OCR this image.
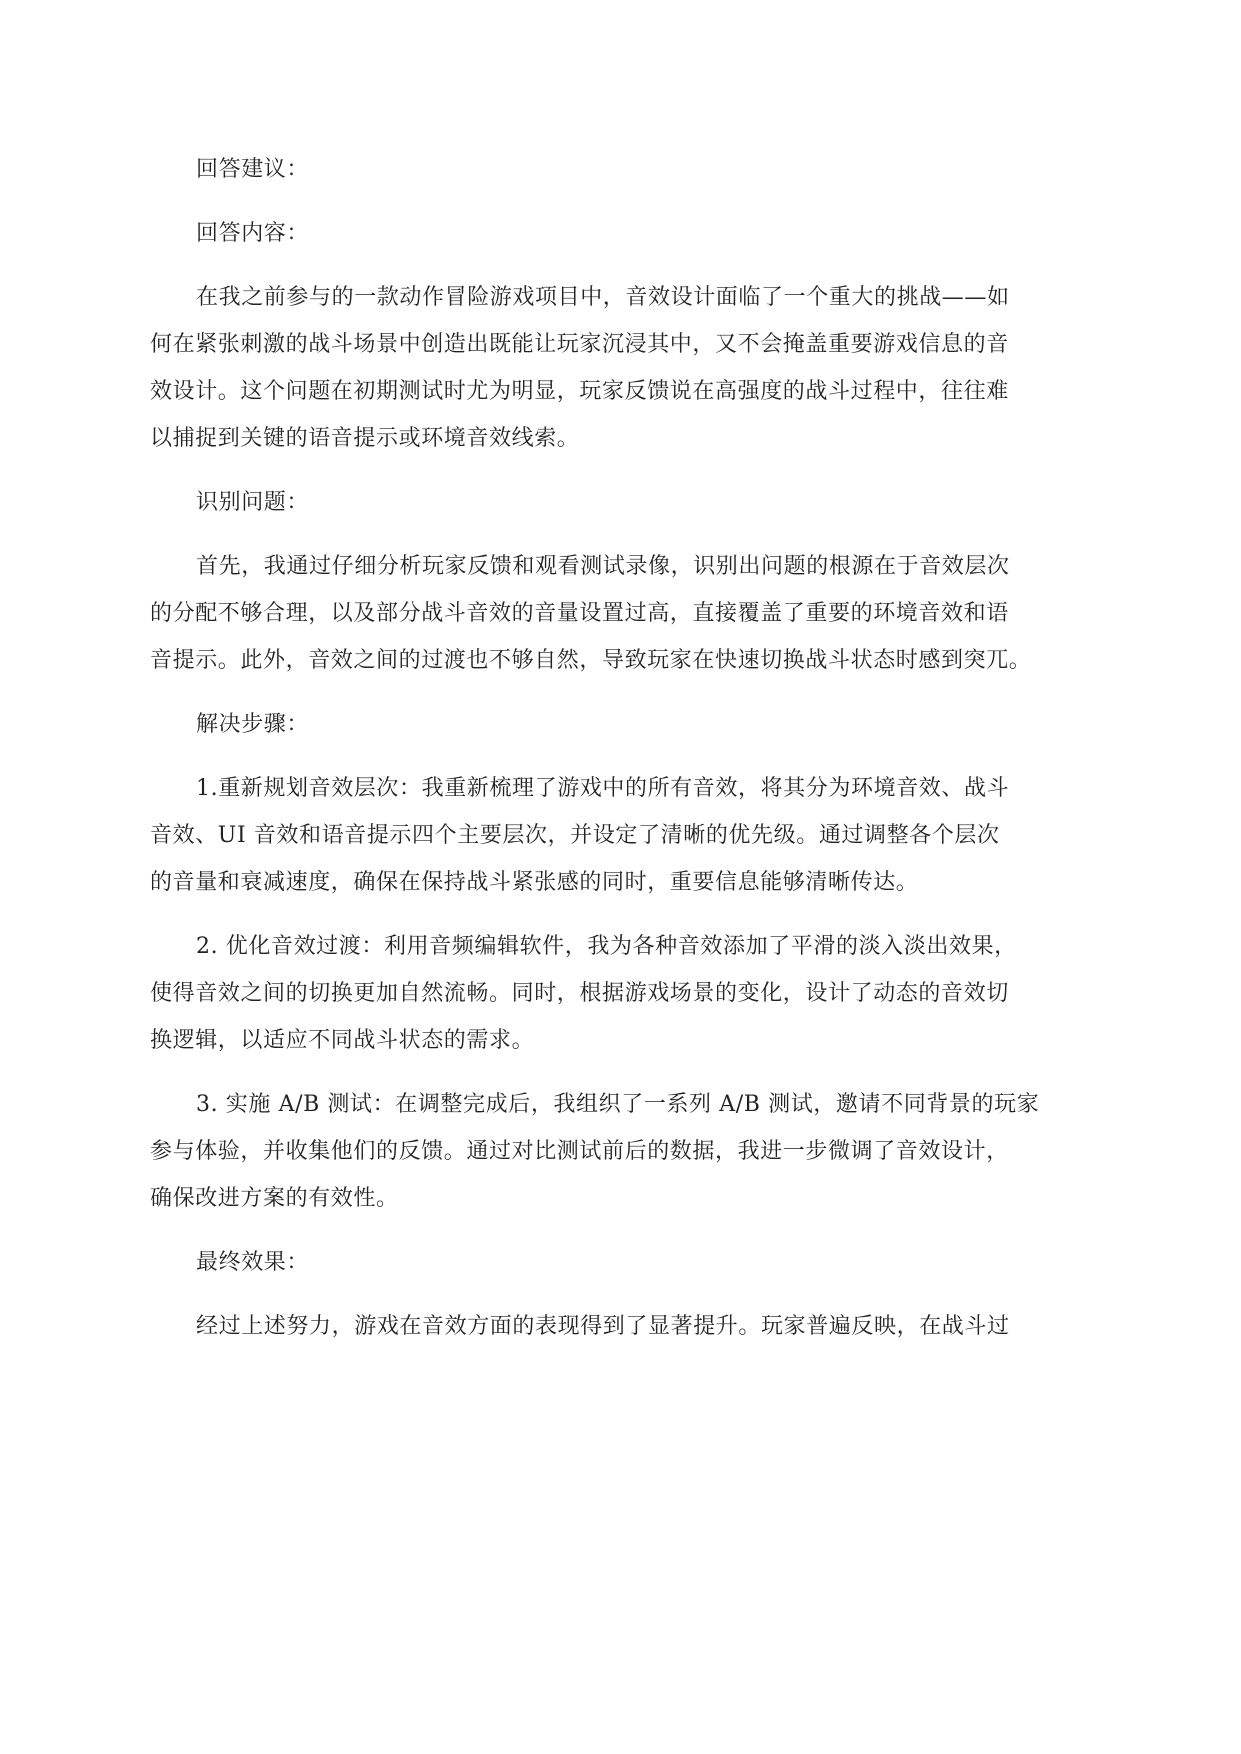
回答建议：

回答内容：

在我之前参与的一款动作冒险游戏项目中，音效设计面临了一个重大的挑战——如
何在紧张刺激的战斗场景中创造出既能让玩家沉浸其中，又不会掩盖重要游戏信息的音
效设计。这个问题在初期测试时尤为明显，玩家反馈说在高强度的战斗过程中，往往难
以捕捉到关键的语音提示或环境音效线索。

识别问题：

首先，我通过仔细分析玩家反馈和观看测试录像，识别出问题的根源在于音效层次
的分配不够合理，以及部分战斗音效的音量设置过高，直接覆盖了重要的环境音效和语
音提示。此外，音效之间的过渡也不够自然，导致玩家在快速切换战斗状态时感到突兀。

解决步骤：

1.重新规划音效层次：我重新梳理了游戏中的所有音效，将其分为环境音效、战斗
音效、UI 音效和语音提示四个主要层次，并设定了清晰的优先级。通过调整各个层次
的音量和衰减速度，确保在保持战斗紧张感的同时，重要信息能够清晰传达。

2. 优化音效过渡：利用音频编辑软件，我为各种音效添加了平滑的淡入淡出效果，
使得音效之间的切换更加自然流畅。同时，根据游戏场景的变化，设计了动态的音效切
换逻辑，以适应不同战斗状态的需求。

3. 实施 A/B 测试：在调整完成后，我组织了一系列 A/B 测试，邀请不同背景的玩家
参与体验，并收集他们的反馈。通过对比测试前后的数据，我进一步微调了音效设计，
确保改进方案的有效性。

最终效果：

经过上述努力，游戏在音效方面的表现得到了显著提升。玩家普遍反映，在战斗过
